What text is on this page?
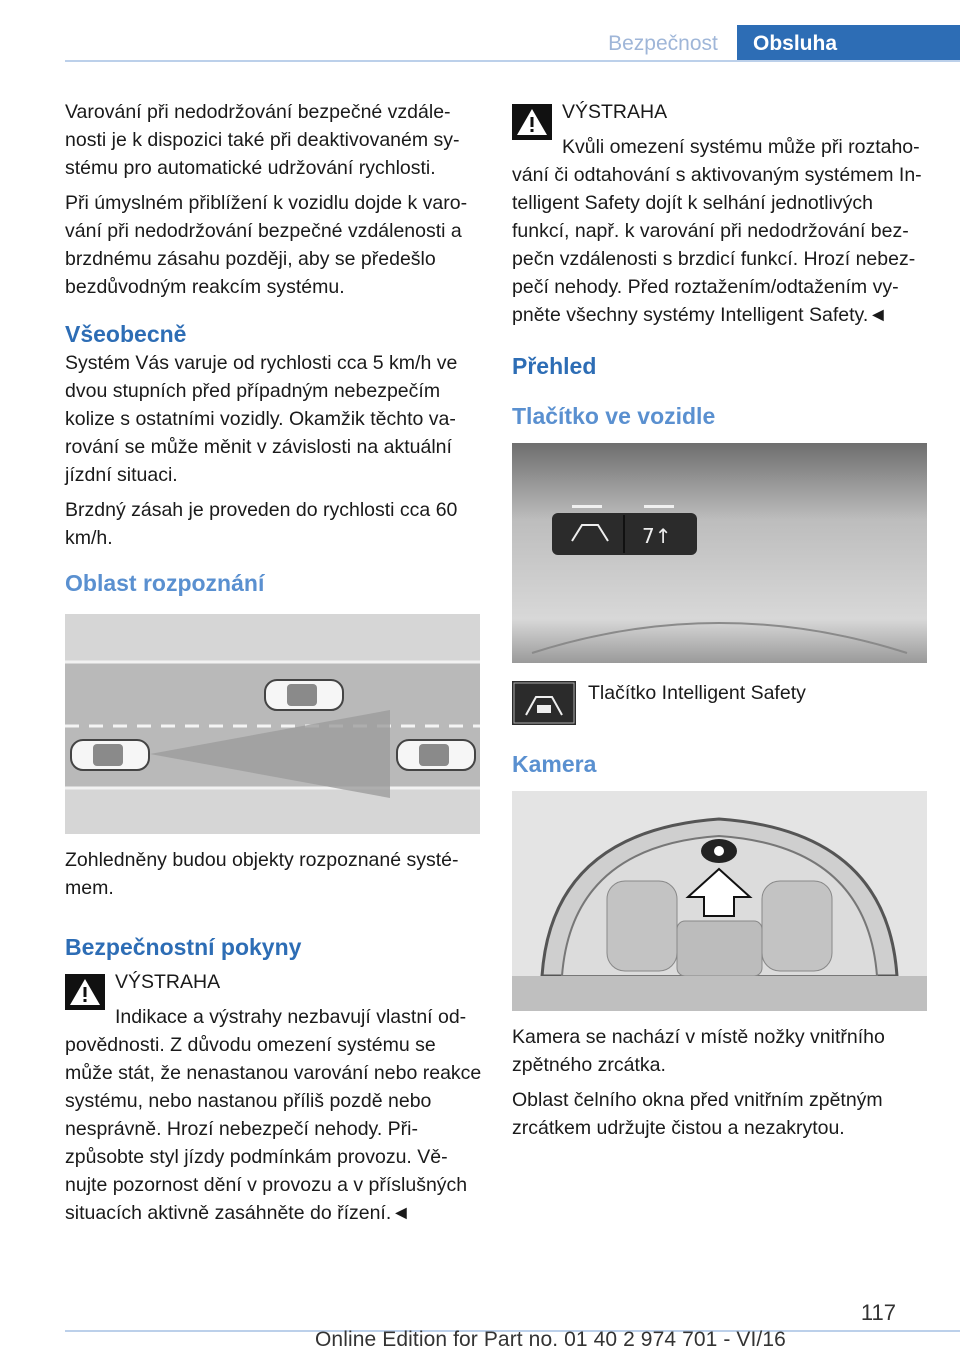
Bezpečnost	Obsluha

Varování při nedodržování bezpečné vzdále- nosti je k dispozici také při deaktivovaném sy- stému pro automatické udržování rychlosti.

Při úmyslném přiblížení k vozidlu dojde k varo- vání při nedodržování bezpečné vzdálenosti a brzdnému zásahu později, aby se předešlo bezdůvodným reakcím systému.

Všeobecně

Systém Vás varuje od rychlosti cca 5 km/h ve dvou stupních před případným nebezpečím kolize s ostatními vozidly. Okamžik těchto va- rování se může měnit v závislosti na aktuální jízdní situaci.

Brzdný zásah je proveden do rychlosti cca 60 km/h.

Oblast rozpoznání

Zohledněny budou objekty rozpoznané systé- mem.

Bezpečnostní pokyny

VÝSTRAHA

Indikace a výstrahy nezbavují vlastní od- povědnosti. Z důvodu omezení systému se může stát, že nenastanou varování nebo reakce systému, nebo nastanou příliš pozdě nebo nesprávně. Hrozí nebezpečí nehody. Při- způsobte styl jízdy podmínkám provozu. Vě- nujte pozornost dění v provozu a v příslušných situacích aktivně zasáhněte do řízení.◄

VÝSTRAHA

Kvůli omezení systému může při roztaho- vání či odtahování s aktivovaným systémem In- telligent Safety dojít k selhání jednotlivých funkcí, např. k varování při nedodržování bez- pečn vzdálenosti s brzdicí funkcí. Hrozí nebez- pečí nehody. Před roztažením/odtažením vy- pněte všechny systémy Intelligent Safety.◄

Přehled
Tlačítko ve vozidle
7↑

Tlačítko Intelligent Safety

Kamera

Kamera se nachází v místě nožky vnitřního zpětného zrcátka.

Oblast čelního okna před vnitřním zpětným zrcátkem udržujte čistou a nezakrytou.

117
Online Edition for Part no. 01 40 2 974 701 - VI/16
